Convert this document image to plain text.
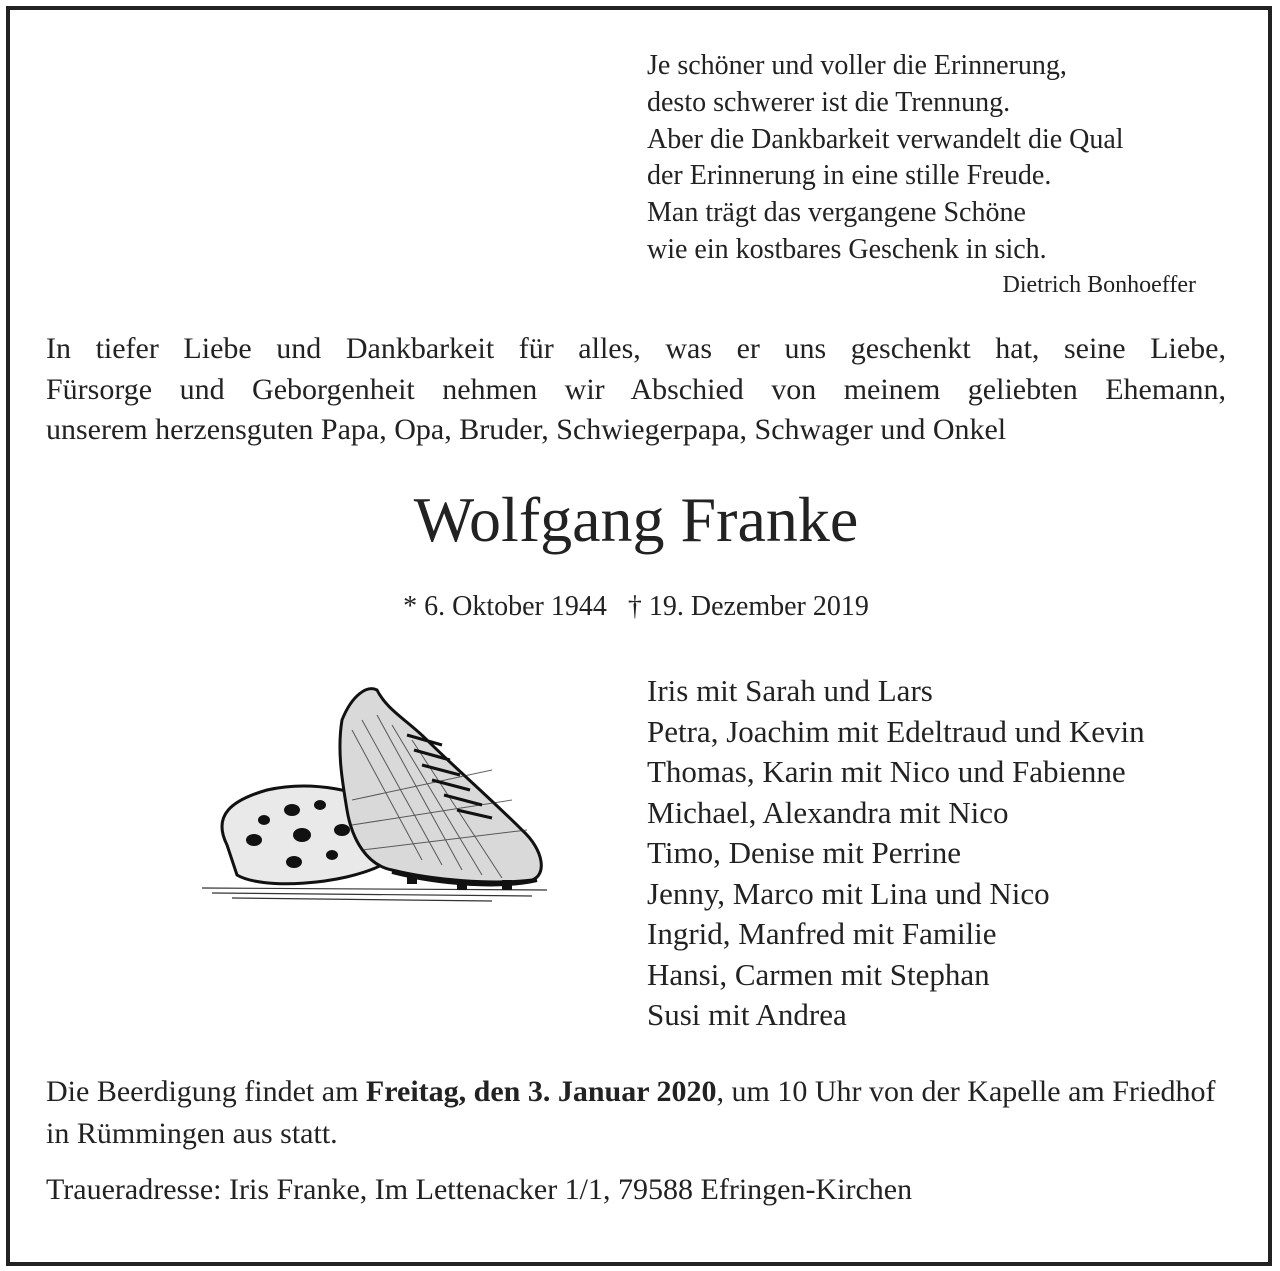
Je schöner und voller die Erinnerung,
desto schwerer ist die Trennung.
Aber die Dankbarkeit verwandelt die Qual
der Erinnerung in eine stille Freude.
Man trägt das vergangene Schöne
wie ein kostbares Geschenk in sich.
Dietrich Bonhoeffer
In tiefer Liebe und Dankbarkeit für alles, was er uns geschenkt hat, seine Liebe,
Fürsorge und Geborgenheit nehmen wir Abschied von meinem geliebten Ehemann,
unserem herzensguten Papa, Opa, Bruder, Schwiegerpapa, Schwager und Onkel
Wolfgang Franke
* 6. Oktober 1944   † 19. Dezember 2019
Iris mit Sarah und Lars
Petra, Joachim mit Edeltraud und Kevin
Thomas, Karin mit Nico und Fabienne
Michael, Alexandra mit Nico
Timo, Denise mit Perrine
Jenny, Marco mit Lina und Nico
Ingrid, Manfred mit Familie
Hansi, Carmen mit Stephan
Susi mit Andrea
Die Beerdigung findet am Freitag, den 3. Januar 2020, um 10 Uhr von der Kapelle am Friedhof in Rümmingen aus statt.
Traueradresse: Iris Franke, Im Lettenacker 1/1, 79588 Efringen-Kirchen
